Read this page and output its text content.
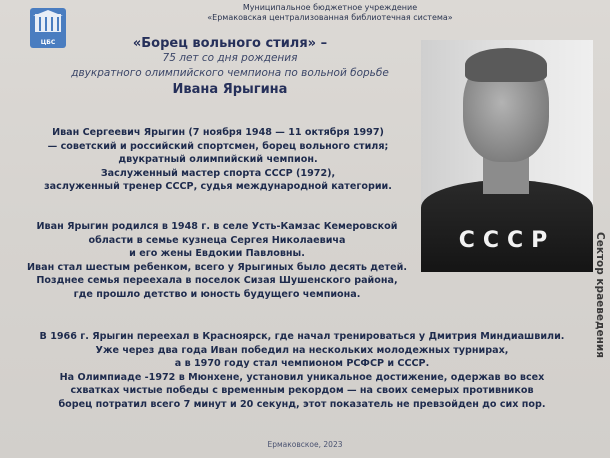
ЦБС
Муниципальное бюджетное учреждение
«Ермаковская централизованная библиотечная система»
«Борец вольного стиля» –
75 лет со дня рождения
двукратного олимпийского чемпиона по вольной борьбе
Ивана Ярыгина
СССР
Иван Сергеевич Ярыгин (7 ноября 1948 — 11 октября 1997)
— советский и российский спортсмен, борец вольного стиля;
двукратный олимпийский чемпион.
Заслуженный мастер спорта СССР (1972),
заслуженный тренер СССР, судья международной категории.
Иван Ярыгин родился в 1948 г. в селе Усть-Камзас Кемеровской
области в семье кузнеца Сергея Николаевича
и его жены Евдокии Павловны.
Иван стал шестым ребенком, всего у Ярыгиных было десять детей.
Позднее семья переехала в поселок Сизая Шушенского района,
где прошло детство и юность будущего чемпиона.
В 1966 г. Ярыгин переехал в Красноярск, где начал тренироваться у Дмитрия Миндиашвили.
Уже через два года Иван победил на нескольких молодежных турнирах,
а в 1970 году стал чемпионом РСФСР и СССР.
На Олимпиаде -1972 в Мюнхене, установил уникальное достижение, одержав во всех
схватках чистые победы с временным рекордом — на своих семерых противников
борец потратил всего 7 минут и 20 секунд, этот показатель не превзойден до сих пор.
Сектор краеведения
Ермаковское, 2023
